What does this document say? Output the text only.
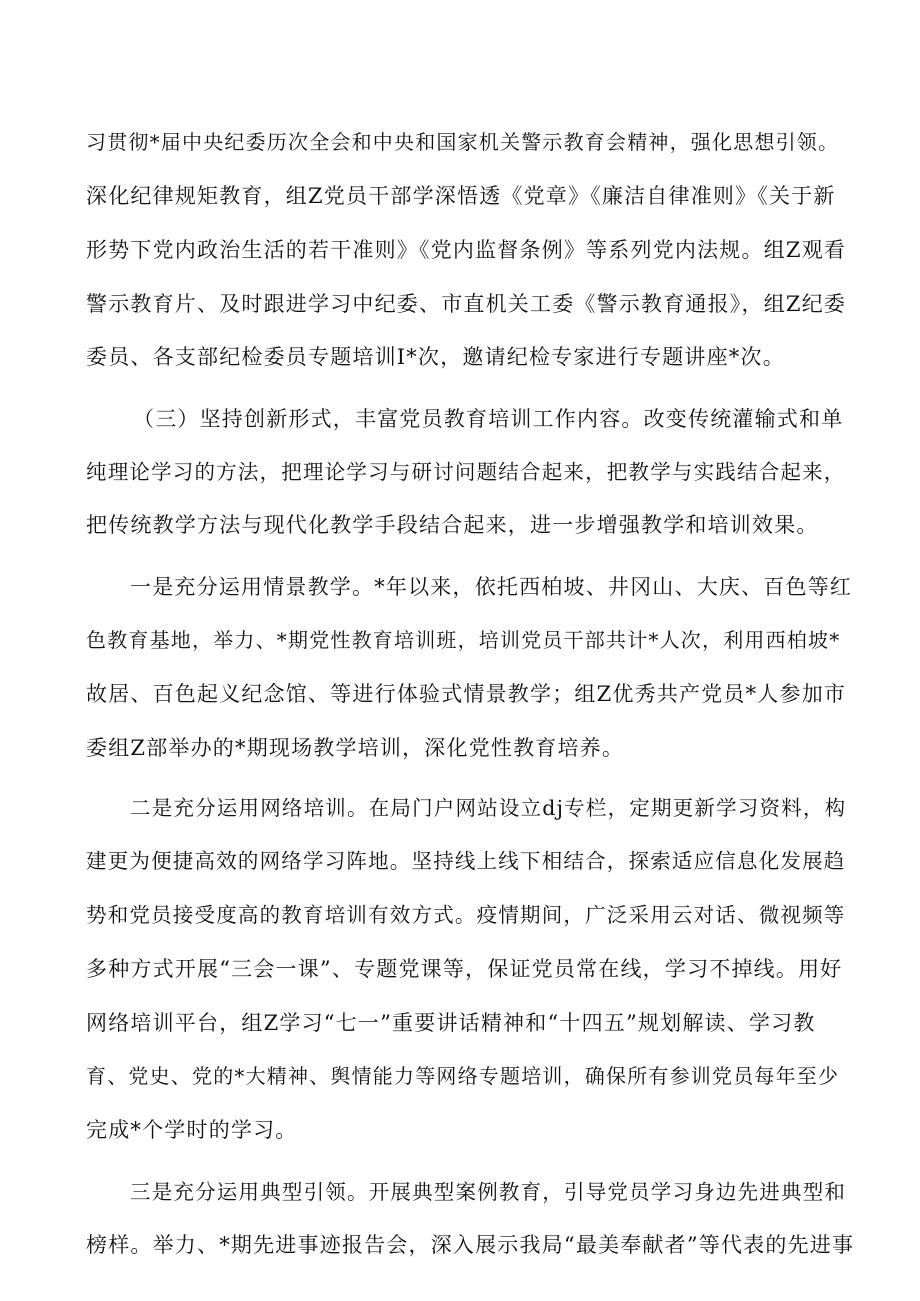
习贯彻*届中央纪委历次全会和中央和国家机关警示教育会精神，强化思想引领。
深化纪律规矩教育，组Z党员干部学深悟透《党章》《廉洁自律准则》《关于新
形势下党内政治生活的若干准则》《党内监督条例》等系列党内法规。组Z观看
警示教育片、及时跟进学习中纪委、市直机关工委《警示教育通报》，组Z纪委
委员、各支部纪检委员专题培训I*次，邀请纪检专家进行专题讲座*次。
（三）坚持创新形式，丰富党员教育培训工作内容。改变传统灌输式和单
纯理论学习的方法，把理论学习与研讨问题结合起来，把教学与实践结合起来，
把传统教学方法与现代化教学手段结合起来，进一步增强教学和培训效果。
一是充分运用情景教学。*年以来，依托西柏坡、井冈山、大庆、百色等红
色教育基地，举力、*期党性教育培训班，培训党员干部共计*人次，利用西柏坡*
故居、百色起义纪念馆、等进行体验式情景教学；组Z优秀共产党员*人参加市
委组Z部举办的*期现场教学培训，深化党性教育培养。
二是充分运用网络培训。在局门户网站设立dj专栏，定期更新学习资料，构
建更为便捷高效的网络学习阵地。坚持线上线下相结合，探索适应信息化发展趋
势和党员接受度高的教育培训有效方式。疫情期间，广泛采用云对话、微视频等
多种方式开展“三会一课”、专题党课等，保证党员常在线，学习不掉线。用好
网络培训平台，组Z学习“七一”重要讲话精神和“十四五”规划解读、学习教
育、党史、党的*大精神、舆情能力等网络专题培训，确保所有参训党员每年至少
完成*个学时的学习。
三是充分运用典型引领。开展典型案例教育，引导党员学习身边先进典型和
榜样。举力、*期先进事迹报告会，深入展示我局“最美奉献者”等代表的先进事
